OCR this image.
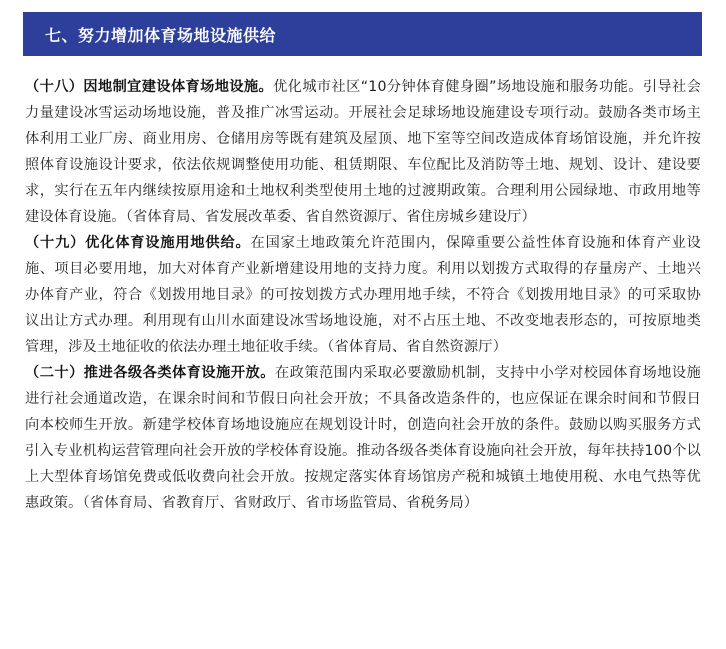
七、努力增加体育场地设施供给

（十八）因地制宜建设体育场地设施。优化城市社区“10分钟体育健身圈”场地设施和服务功能。引导社会力量建设冰雪运动场地设施，普及推广冰雪运动。开展社会足球场地设施建设专项行动。鼓励各类市场主体利用工业厂房、商业用房、仓储用房等既有建筑及屋顶、地下室等空间改造成体育场馆设施，并允许按照体育设施设计要求，依法依规调整使用功能、租赁期限、车位配比及消防等土地、规划、设计、建设要求，实行在五年内继续按原用途和土地权利类型使用土地的过渡期政策。合理利用公园绿地、市政用地等建设体育设施。（省体育局、省发展改革委、省自然资源厅、省住房城乡建设厅）

（十九）优化体育设施用地供给。在国家土地政策允许范围内，保障重要公益性体育设施和体育产业设施、项目必要用地，加大对体育产业新增建设用地的支持力度。利用以划拨方式取得的存量房产、土地兴办体育产业，符合《划拨用地目录》的可按划拨方式办理用地手续，不符合《划拨用地目录》的可采取协议出让方式办理。利用现有山川水面建设冰雪场地设施，对不占压土地、不改变地表形态的，可按原地类管理，涉及土地征收的依法办理土地征收手续。（省体育局、省自然资源厅）

（二十）推进各级各类体育设施开放。在政策范围内采取必要激励机制，支持中小学对校园体育场地设施进行社会通道改造，在课余时间和节假日向社会开放；不具备改造条件的，也应保证在课余时间和节假日向本校师生开放。新建学校体育场地设施应在规划设计时，创造向社会开放的条件。鼓励以购买服务方式引入专业机构运营管理向社会开放的学校体育设施。推动各级各类体育设施向社会开放，每年扶持100个以上大型体育场馆免费或低收费向社会开放。按规定落实体育场馆房产税和城镇土地使用税、水电气热等优惠政策。（省体育局、省教育厅、省财政厅、省市场监管局、省税务局）
